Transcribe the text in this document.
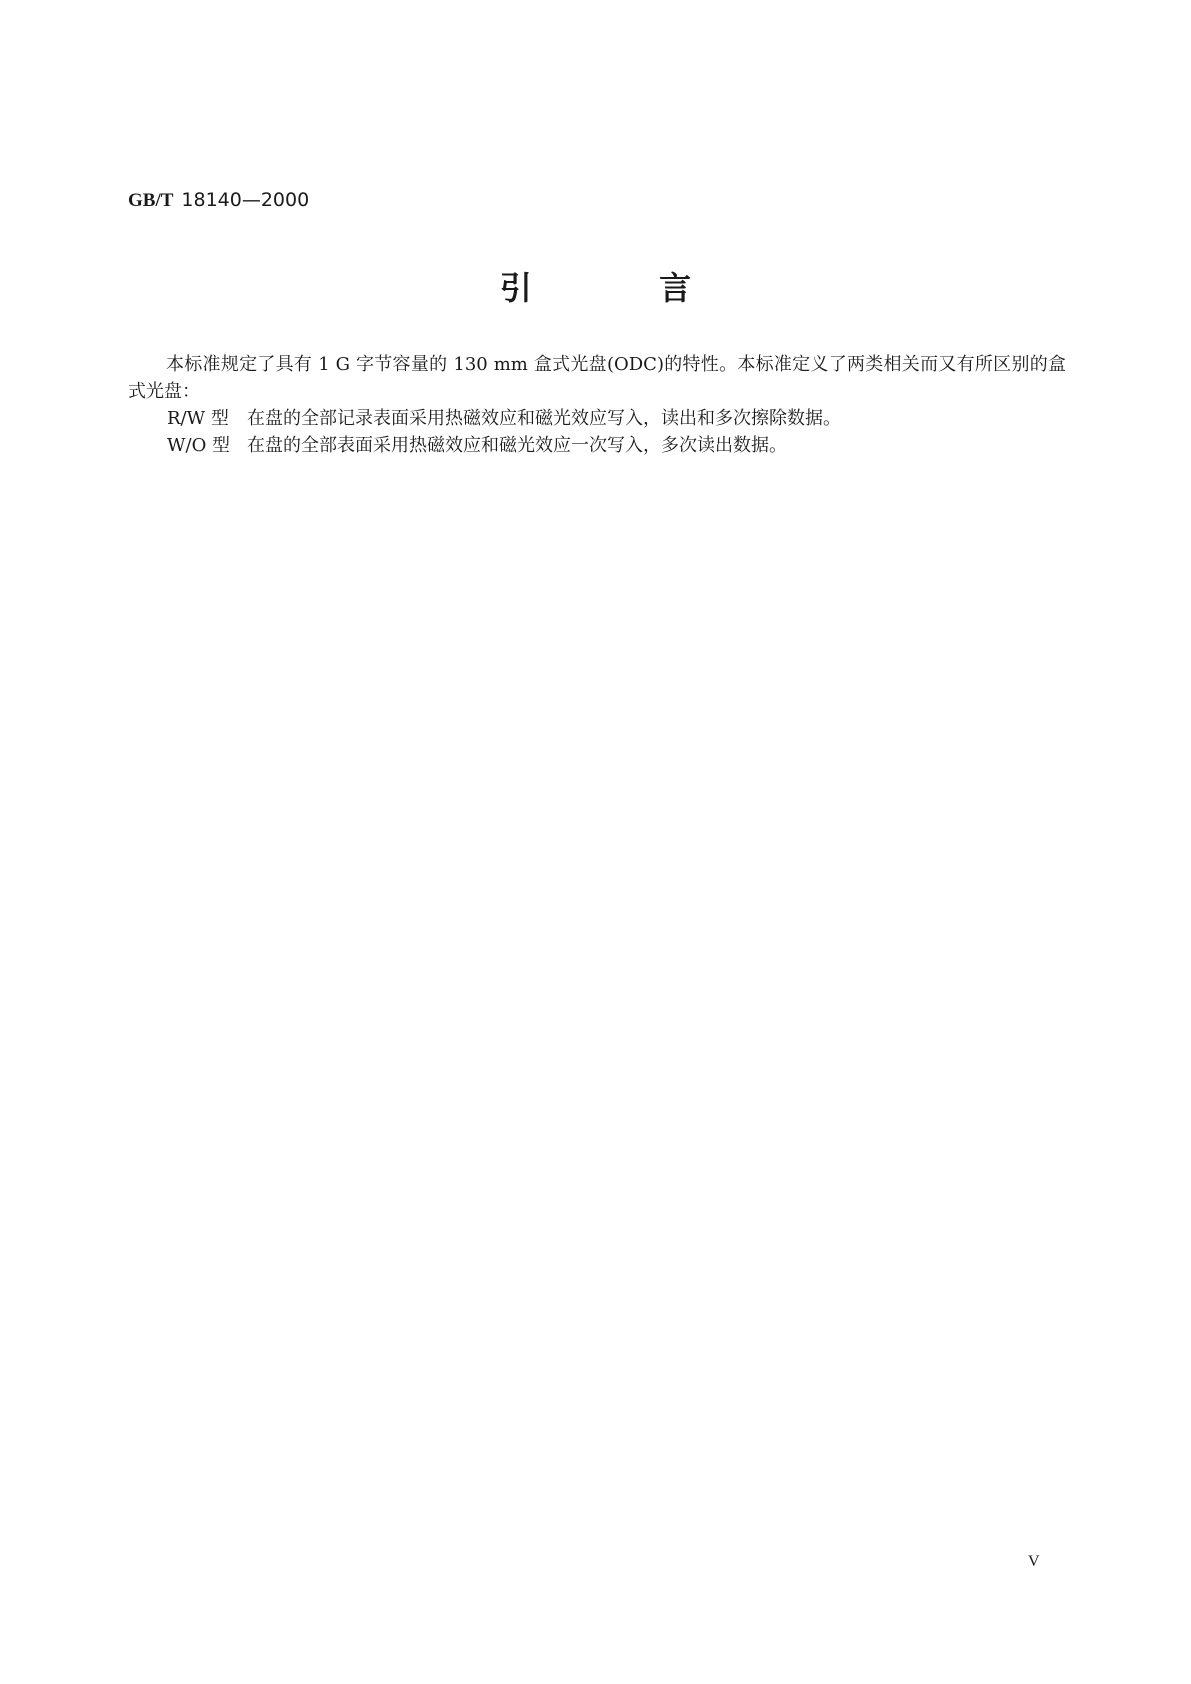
GB/T 18140—2000
引 言

本标准规定了具有 1 G 字节容量的 130 mm 盒式光盘(ODC)的特性。本标准定义了两类相关而又有所区别的盒式光盘：

R/W 型	在盘的全部记录表面采用热磁效应和磁光效应写入，读出和多次擦除数据。
W/O 型 在盘的全部表面采用热磁效应和磁光效应一次写入，多次读出数据。
V
